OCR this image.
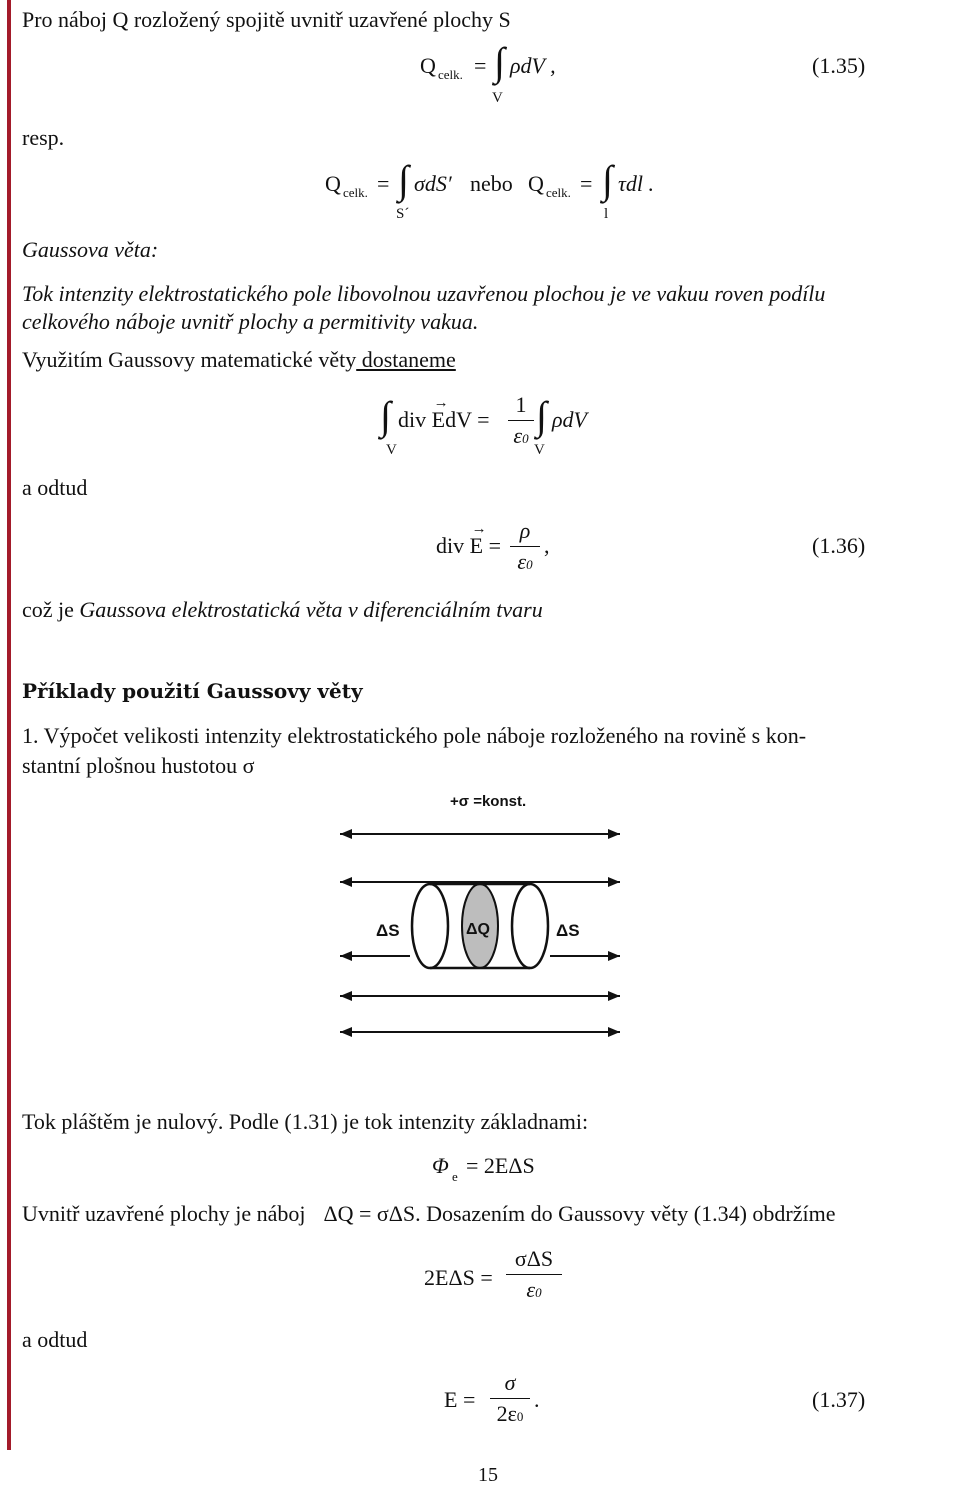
Pro náboj Q rozložený spojitě uvnitř uzavřené plochy S
Q celk. = ∫ ρdV ,
V
(1.35)
resp.
Q celk. = ∫ σdS′
S´
nebo Q celk. = ∫ τdl .
l
Gaussova věta:
Tok intenzity elektrostatického pole libovolnou uzavřenou plochou je ve vakuu roven podílu
celkového náboje uvnitř plochy a permitivity vakua.
Využitím Gaussovy matematické věty dostaneme
∫ div → EdV =
V
1
ε0
∫ ρdV
V
a odtud
div → E =
ρ
ε0
,	(1.36)
což je Gaussova elektrostatická věta v diferenciálním tvaru
Příklady použití Gaussovy věty
1. Výpočet velikosti intenzity elektrostatického pole náboje rozloženého na rovině s kon-
stantní plošnou hustotou σ
+σ =konst.
ΔS	ΔQ	ΔS
Tok pláštěm je nulový. Podle (1.31) je tok intenzity základnami:
Φ e = 2EΔS
Uvnitř uzavřené plochy je náboj ΔQ = σΔS. Dosazením do Gaussovy věty (1.34) obdržíme
2EΔS =
σΔS
ε0
a odtud
E =
σ
2ε0
.	(1.37)
15
